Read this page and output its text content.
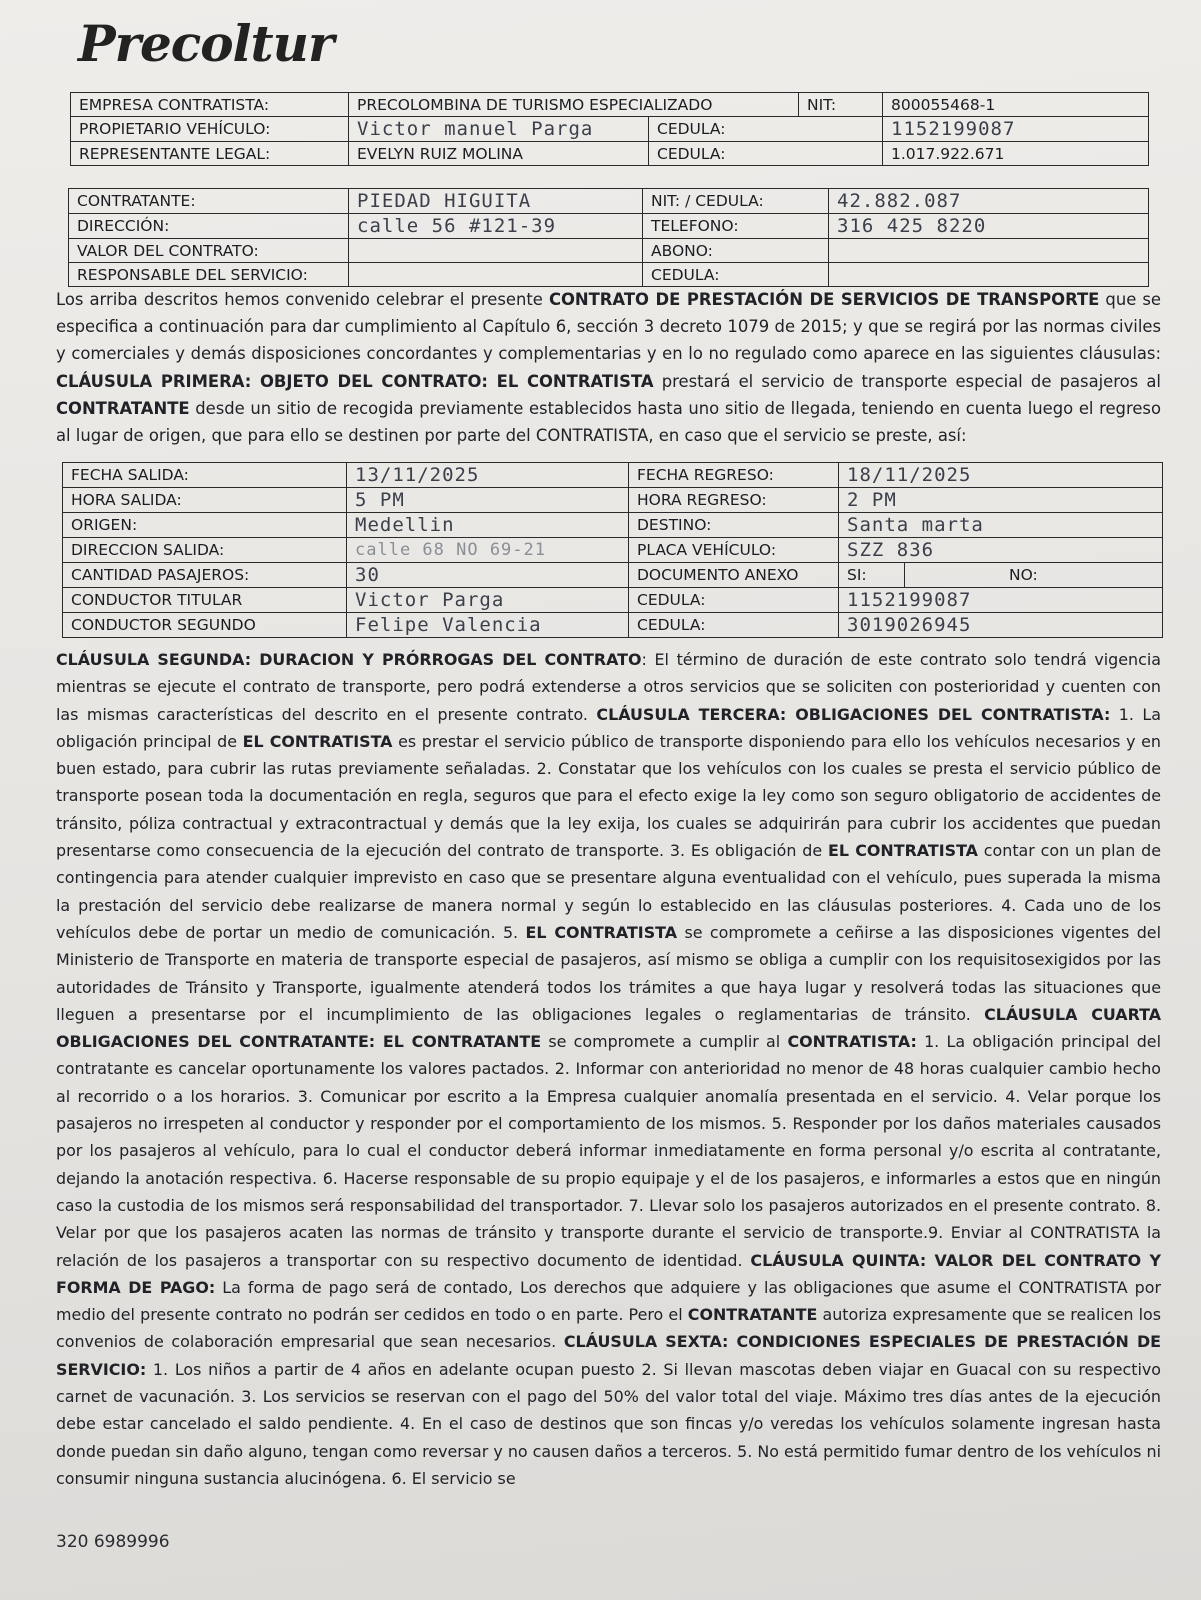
Precoltur
EMPRESA CONTRATISTA:	PRECOLOMBINA DE TURISMO ESPECIALIZADO		NIT:	800055468-1
PROPIETARIO VEHÍCULO:	Victor manuel Parga	CEDULA:		1152199087
REPRESENTANTE LEGAL:	EVELYN RUIZ MOLINA	CEDULA:		1.017.922.671
CONTRATANTE:	PIEDAD HIGUITA	NIT: / CEDULA:	42.882.087
DIRECCIÓN:	calle 56 #121-39	TELEFONO:	316 425 8220
VALOR DEL CONTRATO:		ABONO:	
RESPONSABLE DEL SERVICIO:		CEDULA:	
Los arriba descritos hemos convenido celebrar el presente CONTRATO DE PRESTACIÓN DE SERVICIOS DE TRANSPORTE que se especifica a continuación para dar cumplimiento al Capítulo 6, sección 3 decreto 1079 de 2015; y que se regirá por las normas civiles y comerciales y demás disposiciones concordantes y complementarias y en lo no regulado como aparece en las siguientes cláusulas: CLÁUSULA PRIMERA: OBJETO DEL CONTRATO: EL CONTRATISTA prestará el servicio de transporte especial de pasajeros al CONTRATANTE desde un sitio de recogida previamente establecidos hasta uno sitio de llegada, teniendo en cuenta luego el regreso al lugar de origen, que para ello se destinen por parte del CONTRATISTA, en caso que el servicio se preste, así:
FECHA SALIDA:	13/11/2025	FECHA REGRESO:	18/11/2025	
HORA SALIDA:	5 PM	HORA REGRESO:	2 PM	
ORIGEN:	Medellin	DESTINO:	Santa marta	
DIRECCION SALIDA:	calle 68 NO 69-21	PLACA VEHÍCULO:	SZZ 836	
CANTIDAD PASAJEROS:	30	DOCUMENTO ANEXO	SI:	NO:
CONDUCTOR TITULAR	Victor Parga	CEDULA:	1152199087	
CONDUCTOR SEGUNDO	Felipe Valencia	CEDULA:	3019026945	
CLÁUSULA SEGUNDA: DURACION Y PRÓRROGAS DEL CONTRATO: El término de duración de este contrato solo tendrá vigencia mientras se ejecute el contrato de transporte, pero podrá extenderse a otros servicios que se soliciten con posterioridad y cuenten con las mismas características del descrito en el presente contrato. CLÁUSULA TERCERA: OBLIGACIONES DEL CONTRATISTA: 1. La obligación principal de EL CONTRATISTA es prestar el servicio público de transporte disponiendo para ello los vehículos necesarios y en buen estado, para cubrir las rutas previamente señaladas. 2. Constatar que los vehículos con los cuales se presta el servicio público de transporte posean toda la documentación en regla, seguros que para el efecto exige la ley como son seguro obligatorio de accidentes de tránsito, póliza contractual y extracontractual y demás que la ley exija, los cuales se adquirirán para cubrir los accidentes que puedan presentarse como consecuencia de la ejecución del contrato de transporte. 3. Es obligación de EL CONTRATISTA contar con un plan de contingencia para atender cualquier imprevisto en caso que se presentare alguna eventualidad con el vehículo, pues superada la misma la prestación del servicio debe realizarse de manera normal y según lo establecido en las cláusulas posteriores. 4. Cada uno de los vehículos debe de portar un medio de comunicación. 5. EL CONTRATISTA se compromete a ceñirse a las disposiciones vigentes del Ministerio de Transporte en materia de transporte especial de pasajeros, así mismo se obliga a cumplir con los requisitosexigidos por las autoridades de Tránsito y Transporte, igualmente atenderá todos los trámites a que haya lugar y resolverá todas las situaciones que lleguen a presentarse por el incumplimiento de las obligaciones legales o reglamentarias de tránsito. CLÁUSULA CUARTA OBLIGACIONES DEL CONTRATANTE: EL CONTRATANTE se compromete a cumplir al CONTRATISTA: 1. La obligación principal del contratante es cancelar oportunamente los valores pactados. 2. Informar con anterioridad no menor de 48 horas cualquier cambio hecho al recorrido o a los horarios. 3. Comunicar por escrito a la Empresa cualquier anomalía presentada en el servicio. 4. Velar porque los pasajeros no irrespeten al conductor y responder por el comportamiento de los mismos. 5. Responder por los daños materiales causados por los pasajeros al vehículo, para lo cual el conductor deberá informar inmediatamente en forma personal y/o escrita al contratante, dejando la anotación respectiva. 6. Hacerse responsable de su propio equipaje y el de los pasajeros, e informarles a estos que en ningún caso la custodia de los mismos será responsabilidad del transportador. 7. Llevar solo los pasajeros autorizados en el presente contrato. 8. Velar por que los pasajeros acaten las normas de tránsito y transporte durante el servicio de transporte.9. Enviar al CONTRATISTA la relación de los pasajeros a transportar con su respectivo documento de identidad. CLÁUSULA QUINTA: VALOR DEL CONTRATO Y FORMA DE PAGO: La forma de pago será de contado, Los derechos que adquiere y las obligaciones que asume el CONTRATISTA por medio del presente contrato no podrán ser cedidos en todo o en parte. Pero el CONTRATANTE autoriza expresamente que se realicen los convenios de colaboración empresarial que sean necesarios. CLÁUSULA SEXTA: CONDICIONES ESPECIALES DE PRESTACIÓN DE SERVICIO: 1. Los niños a partir de 4 años en adelante ocupan puesto 2. Si llevan mascotas deben viajar en Guacal con su respectivo carnet de vacunación. 3. Los servicios se reservan con el pago del 50% del valor total del viaje. Máximo tres días antes de la ejecución debe estar cancelado el saldo pendiente. 4. En el caso de destinos que son fincas y/o veredas los vehículos solamente ingresan hasta donde puedan sin daño alguno, tengan como reversar y no causen daños a terceros. 5. No está permitido fumar dentro de los vehículos ni consumir ninguna sustancia alucinógena. 6. El servicio se
320 6989996
